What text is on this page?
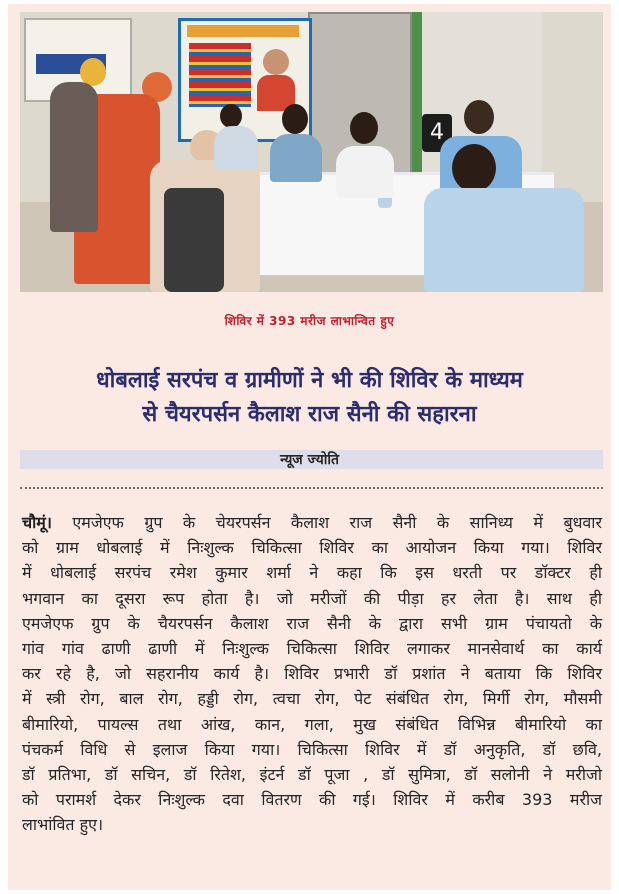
4
शिविर में 393 मरीज लाभान्वित हुए
धोबलाई सरपंच व ग्रामीणों ने भी की शिविर के माध्यम
से चैयरपर्सन कैलाश राज सैनी की सहारना
न्यूज ज्योति
चौमूं। एमजेएफ ग्रुप के चेयरपर्सन कैलाश राज सैनी के सानिध्य में बुधवार
को ग्राम धोबलाई में निःशुल्क चिकित्सा शिविर का आयोजन किया गया। शिविर
में धोबलाई सरपंच रमेश कुमार शर्मा ने कहा कि इस धरती पर डॉक्टर ही
भगवान का दूसरा रूप होता है। जो मरीजों की पीड़ा हर लेता है। साथ ही
एमजेएफ ग्रुप के चैयरपर्सन कैलाश राज सैनी के द्वारा सभी ग्राम पंचायतो के
गांव गांव ढाणी ढाणी में निःशुल्क चिकित्सा शिविर लगाकर मानसेवार्थ का कार्य
कर रहे है, जो सहरानीय कार्य है। शिविर प्रभारी डॉ प्रशांत ने बताया कि शिविर
में स्त्री रोग, बाल रोग, हड्डी रोग, त्वचा रोग, पेट संबंधित रोग, मिर्गी रोग, मौसमी
बीमारियो, पायल्स तथा आंख, कान, गला, मुख संबंधित विभिन्न बीमारियो का
पंचकर्म विधि से इलाज किया गया। चिकित्सा शिविर में डॉ अनुकृति, डॉ छवि,
डॉ प्रतिभा, डॉ सचिन, डॉ रितेश, इंटर्न डॉ पूजा , डॉ सुमित्रा, डॉ सलोनी ने मरीजो
को परामर्श देकर निःशुल्क दवा वितरण की गई। शिविर में करीब 393 मरीज
लाभांवित हुए।
